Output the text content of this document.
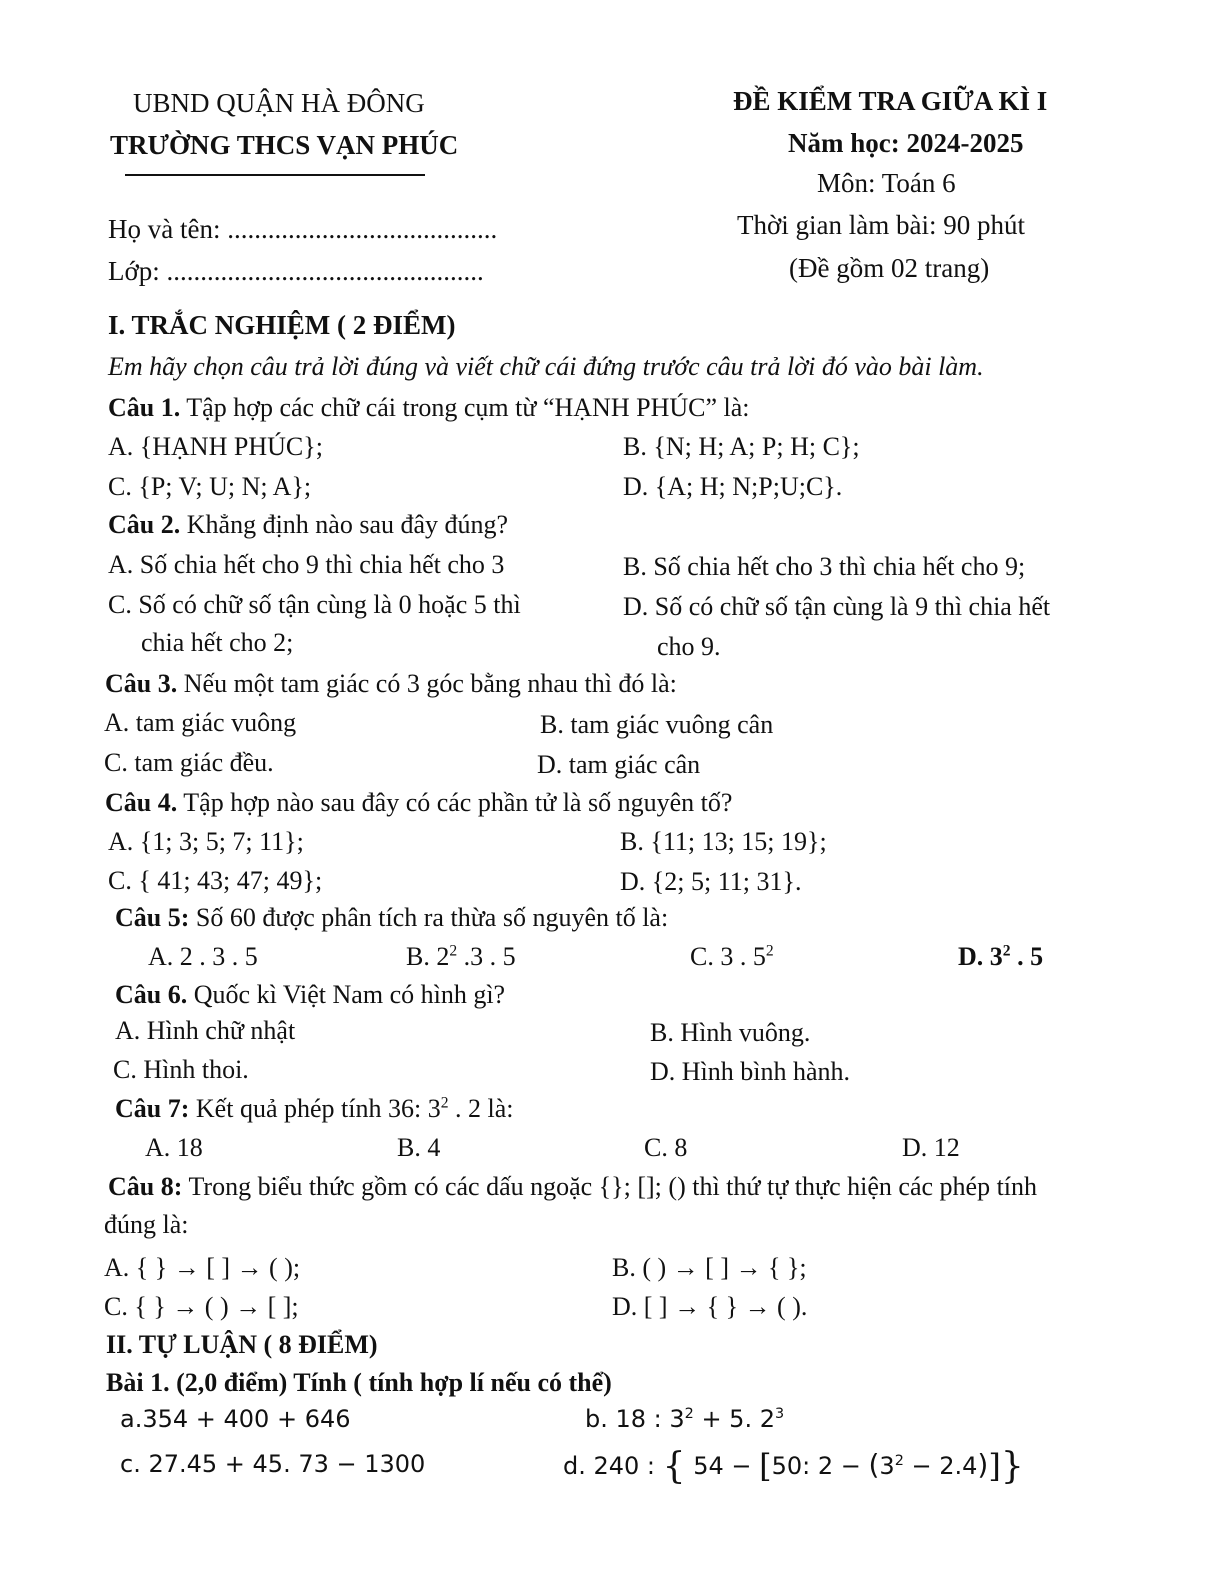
UBND QUẬN HÀ ĐÔNG
TRƯỜNG THCS VẠN PHÚC
ĐỀ KIỂM TRA GIỮA KÌ I
Năm học: 2024-2025
Môn: Toán 6
Thời gian làm bài: 90 phút
(Đề gồm 02 trang)
Họ và tên: ........................................
Lớp: ...............................................
I. TRẮC NGHIỆM ( 2 ĐIỂM)
Em hãy chọn câu trả lời đúng và viết chữ cái đứng trước câu trả lời đó vào bài làm.
Câu 1. Tập hợp các chữ cái trong cụm từ “HẠNH PHÚC” là:
A. {HẠNH PHÚC};	B. {N; H; A; P; H; C};
C. {P; V; U; N; A};	D. {A; H; N;P;U;C}.
Câu 2. Khẳng định nào sau đây đúng?
A. Số chia hết cho 9 thì chia hết cho 3	B. Số chia hết cho 3 thì chia hết cho 9;
C. Số có chữ số tận cùng là 0 hoặc 5 thì
chia hết cho 2;
D. Số có chữ số tận cùng là 9 thì chia hết
cho 9.
Câu 3. Nếu một tam giác có 3 góc bằng nhau thì đó là:
A. tam giác vuông	B. tam giác vuông cân
C. tam giác đều.	D. tam giác cân
Câu 4. Tập hợp nào sau đây có các phần tử là số nguyên tố?
A. {1; 3; 5; 7; 11};	B. {11; 13; 15; 19};
C. { 41; 43; 47; 49};	D. {2; 5; 11; 31}.
Câu 5: Số 60 được phân tích ra thừa số nguyên tố là:
A. 2 . 3 . 5	B. $2^2$ .3 . 5	C. 3 . $5^2$	D. $3^2$ . 5
Câu 6. Quốc kì Việt Nam có hình gì?
A. Hình chữ nhật	B. Hình vuông.
C. Hình thoi.	D. Hình bình hành.
Câu 7: Kết quả phép tính 36: $3^2$ . 2 là:
A. 18	B. 4	C. 8	D. 12
Câu 8: Trong biểu thức gồm có các dấu ngoặc {}; []; () thì thứ tự thực hiện các phép tính
đúng là:
A. { } → [ ] → ( );	B. ( ) → [ ] → { };
C. { } → ( ) → [ ];	D. [ ] → { } → ( ).
II. TỰ LUẬN ( 8 ĐIỂM)
Bài 1. (2,0 điểm) Tính ( tính hợp lí nếu có thể)
a.354 + 400 + 646	b. 18 : $3^2 + 5$. $2^3$
c. 27.45 + 45. 73 − 1300	d. 240 : { 54 − [50: $2 - (3^2 - 2.4)$]}
